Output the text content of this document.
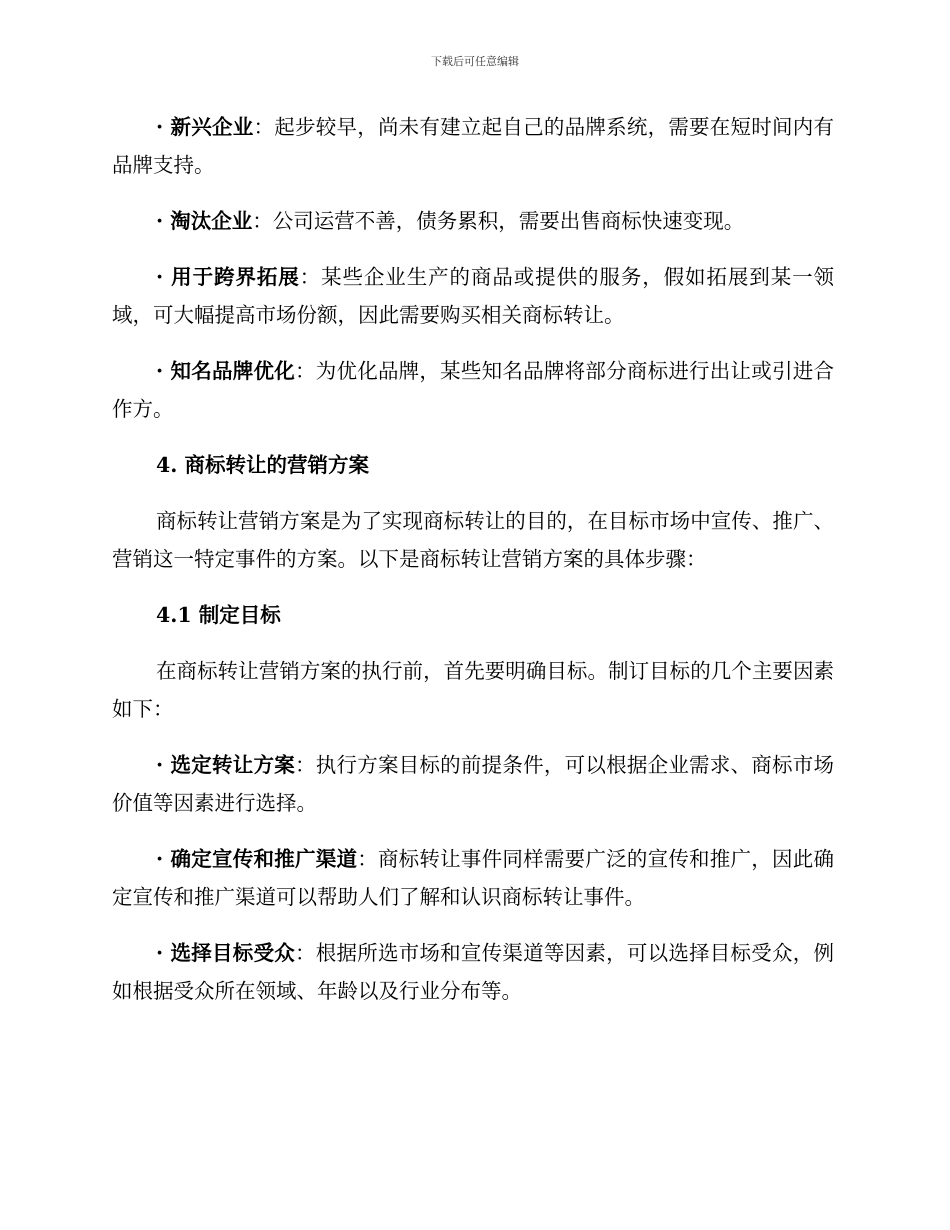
下载后可任意编辑

· 新兴企业：起步较早，尚未有建立起自己的品牌系统，需要在短时间内有品牌支持。

· 淘汰企业：公司运营不善，债务累积，需要出售商标快速变现。

· 用于跨界拓展：某些企业生产的商品或提供的服务，假如拓展到某一领域，可大幅提高市场份额，因此需要购买相关商标转让。

· 知名品牌优化：为优化品牌，某些知名品牌将部分商标进行出让或引进合作方。

4. 商标转让的营销方案

商标转让营销方案是为了实现商标转让的目的，在目标市场中宣传、推广、营销这一特定事件的方案。以下是商标转让营销方案的具体步骤：

4.1 制定目标

在商标转让营销方案的执行前，首先要明确目标。制订目标的几个主要因素如下：

· 选定转让方案：执行方案目标的前提条件，可以根据企业需求、商标市场价值等因素进行选择。

· 确定宣传和推广渠道：商标转让事件同样需要广泛的宣传和推广，因此确定宣传和推广渠道可以帮助人们了解和认识商标转让事件。

· 选择目标受众：根据所选市场和宣传渠道等因素，可以选择目标受众，例如根据受众所在领域、年龄以及行业分布等。
